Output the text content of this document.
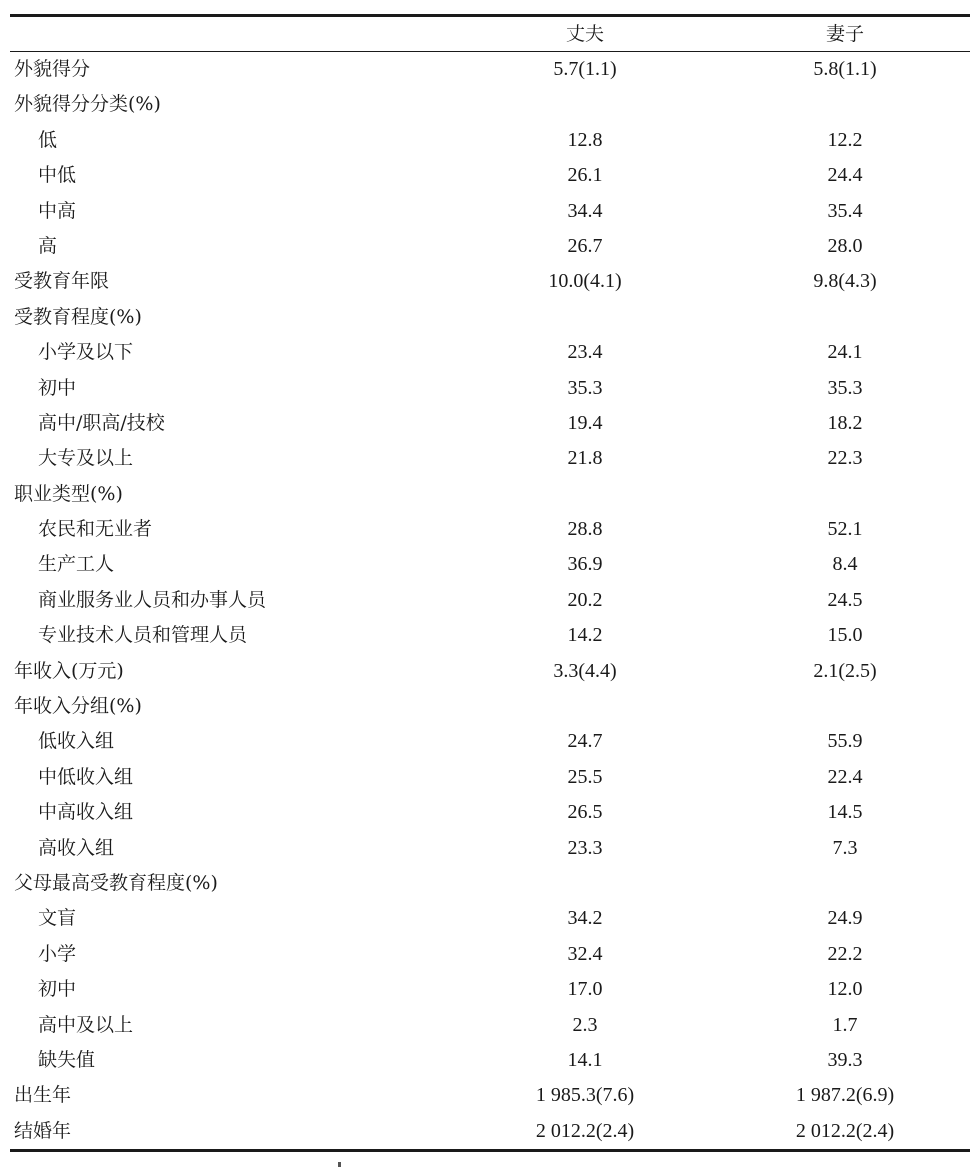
丈夫	妻子
外貌得分	5.7(1.1)	5.8(1.1)
外貌得分分类(%)
低	12.8	12.2
中低	26.1	24.4
中高	34.4	35.4
高	26.7	28.0
受教育年限	10.0(4.1)	9.8(4.3)
受教育程度(%)
小学及以下	23.4	24.1
初中	35.3	35.3
高中/职高/技校	19.4	18.2
大专及以上	21.8	22.3
职业类型(%)
农民和无业者	28.8	52.1
生产工人	36.9	8.4
商业服务业人员和办事人员	20.2	24.5
专业技术人员和管理人员	14.2	15.0
年收入(万元)	3.3(4.4)	2.1(2.5)
年收入分组(%)
低收入组	24.7	55.9
中低收入组	25.5	22.4
中高收入组	26.5	14.5
高收入组	23.3	7.3
父母最高受教育程度(%)
文盲	34.2	24.9
小学	32.4	22.2
初中	17.0	12.0
高中及以上	2.3	1.7
缺失值	14.1	39.3
出生年	1 985.3(7.6)	1 987.2(6.9)
结婚年	2 012.2(2.4)	2 012.2(2.4)
